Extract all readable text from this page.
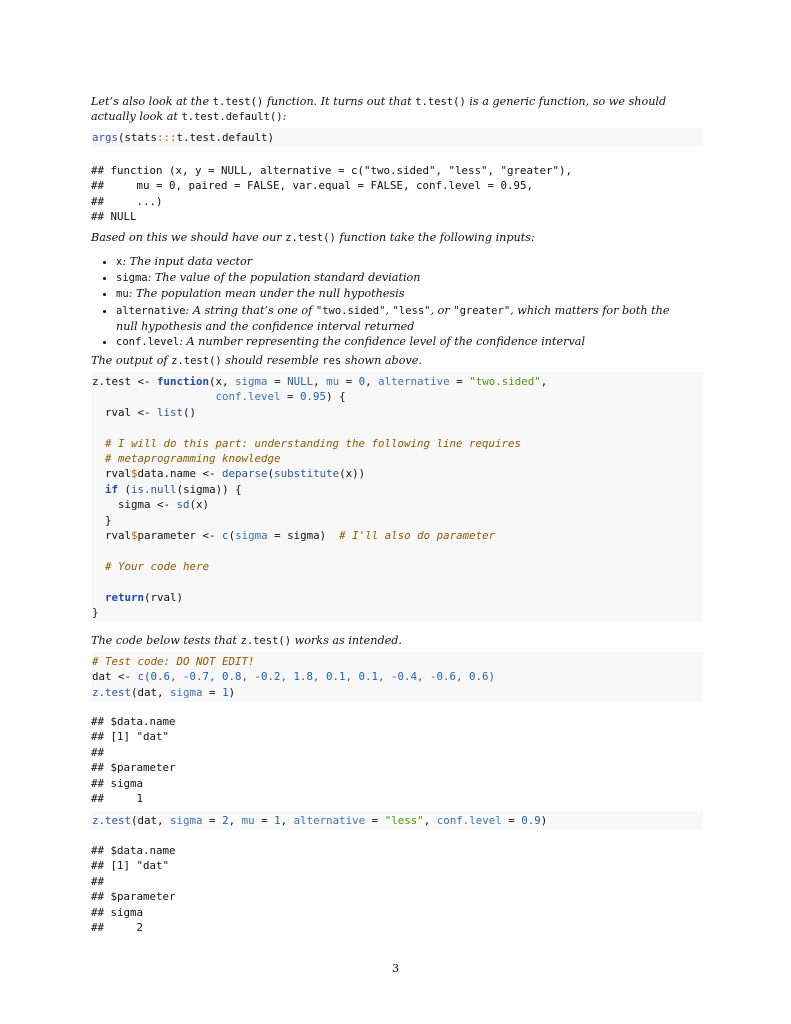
Let’s also look at the t.test() function. It turns out that t.test() is a generic function, so we should
actually look at t.test.default():

args(stats:::t.test.default)
## function (x, y = NULL, alternative = c("two.sided", "less", "greater"),
##     mu = 0, paired = FALSE, var.equal = FALSE, conf.level = 0.95,
##     ...)
## NULL

Based on this we should have our z.test() function take the following inputs:

• x: The input data vector
• sigma: The value of the population standard deviation
• mu: The population mean under the null hypothesis
• alternative: A string that’s one of "two.sided", "less", or "greater", which matters for both the
null hypothesis and the confidence interval returned
• conf.level: A number representing the confidence level of the confidence interval

The output of z.test() should resemble res shown above.

z.test <- function(x, sigma = NULL, mu = 0, alternative = "two.sided",
conf.level = 0.95) {
rval <- list()

# I will do this part: understanding the following line requires
# metaprogramming knowledge
rval$data.name <- deparse(substitute(x))
if (is.null(sigma)) {
sigma <- sd(x)
}
rval$parameter <- c(sigma = sigma)  # I'll also do parameter

# Your code here

return(rval)
}

The code below tests that z.test() works as intended.

# Test code: DO NOT EDIT!
dat <- c(0.6, -0.7, 0.8, -0.2, 1.8, 0.1, 0.1, -0.4, -0.6, 0.6)
z.test(dat, sigma = 1)
## $data.name
## [1] "dat"
##
## $parameter
## sigma
##     1
z.test(dat, sigma = 2, mu = 1, alternative = "less", conf.level = 0.9)
## $data.name
## [1] "dat"
##
## $parameter
## sigma
##     2
3
